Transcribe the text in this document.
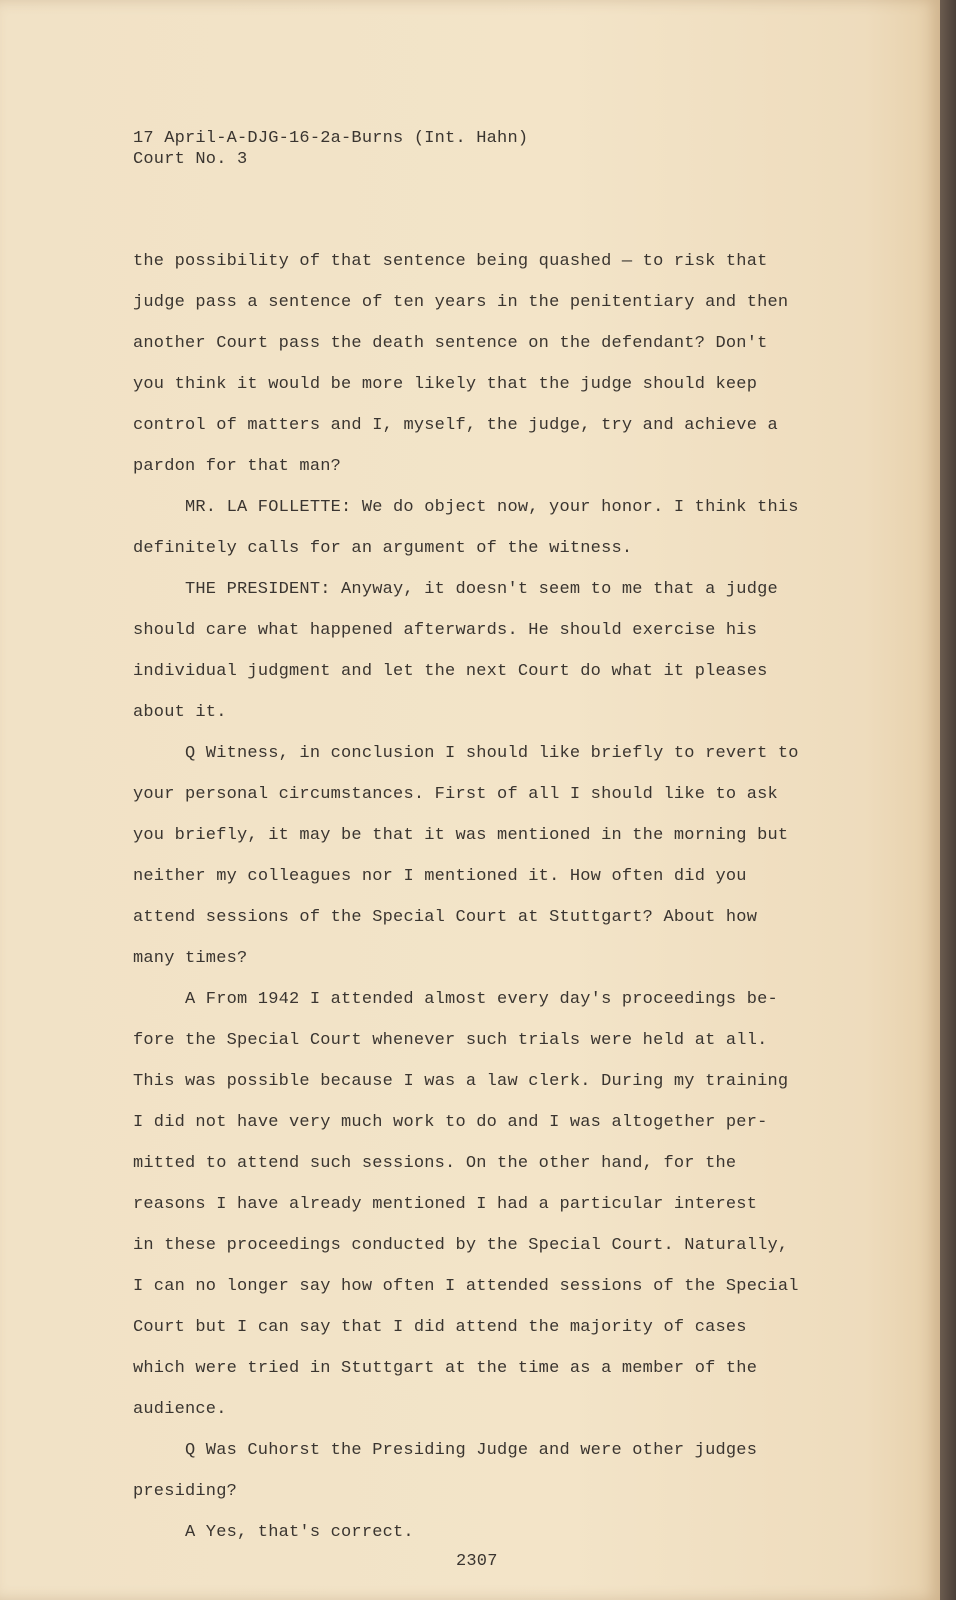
17 April-A-DJG-16-2a-Burns (Int. Hahn)
Court No. 3
the possibility of that sentence being quashed — to risk that
judge pass a sentence of ten years in the penitentiary and then
another Court pass the death sentence on the defendant? Don't
you think it would be more likely that the judge should keep
control of matters and I, myself, the judge, try and achieve a
pardon for that man?
MR. LA FOLLETTE: We do object now, your honor. I think this
definitely calls for an argument of the witness.
THE PRESIDENT: Anyway, it doesn't seem to me that a judge
should care what happened afterwards. He should exercise his
individual judgment and let the next Court do what it pleases
about it.
Q Witness, in conclusion I should like briefly to revert to
your personal circumstances. First of all I should like to ask
you briefly, it may be that it was mentioned in the morning but
neither my colleagues nor I mentioned it. How often did you
attend sessions of the Special Court at Stuttgart? About how
many times?
A From 1942 I attended almost every day's proceedings be-
fore the Special Court whenever such trials were held at all.
This was possible because I was a law clerk. During my training
I did not have very much work to do and I was altogether per-
mitted to attend such sessions. On the other hand, for the
reasons I have already mentioned I had a particular interest
in these proceedings conducted by the Special Court. Naturally,
I can no longer say how often I attended sessions of the Special
Court but I can say that I did attend the majority of cases
which were tried in Stuttgart at the time as a member of the
audience.
Q Was Cuhorst the Presiding Judge and were other judges
presiding?
A Yes, that's correct.
2307
